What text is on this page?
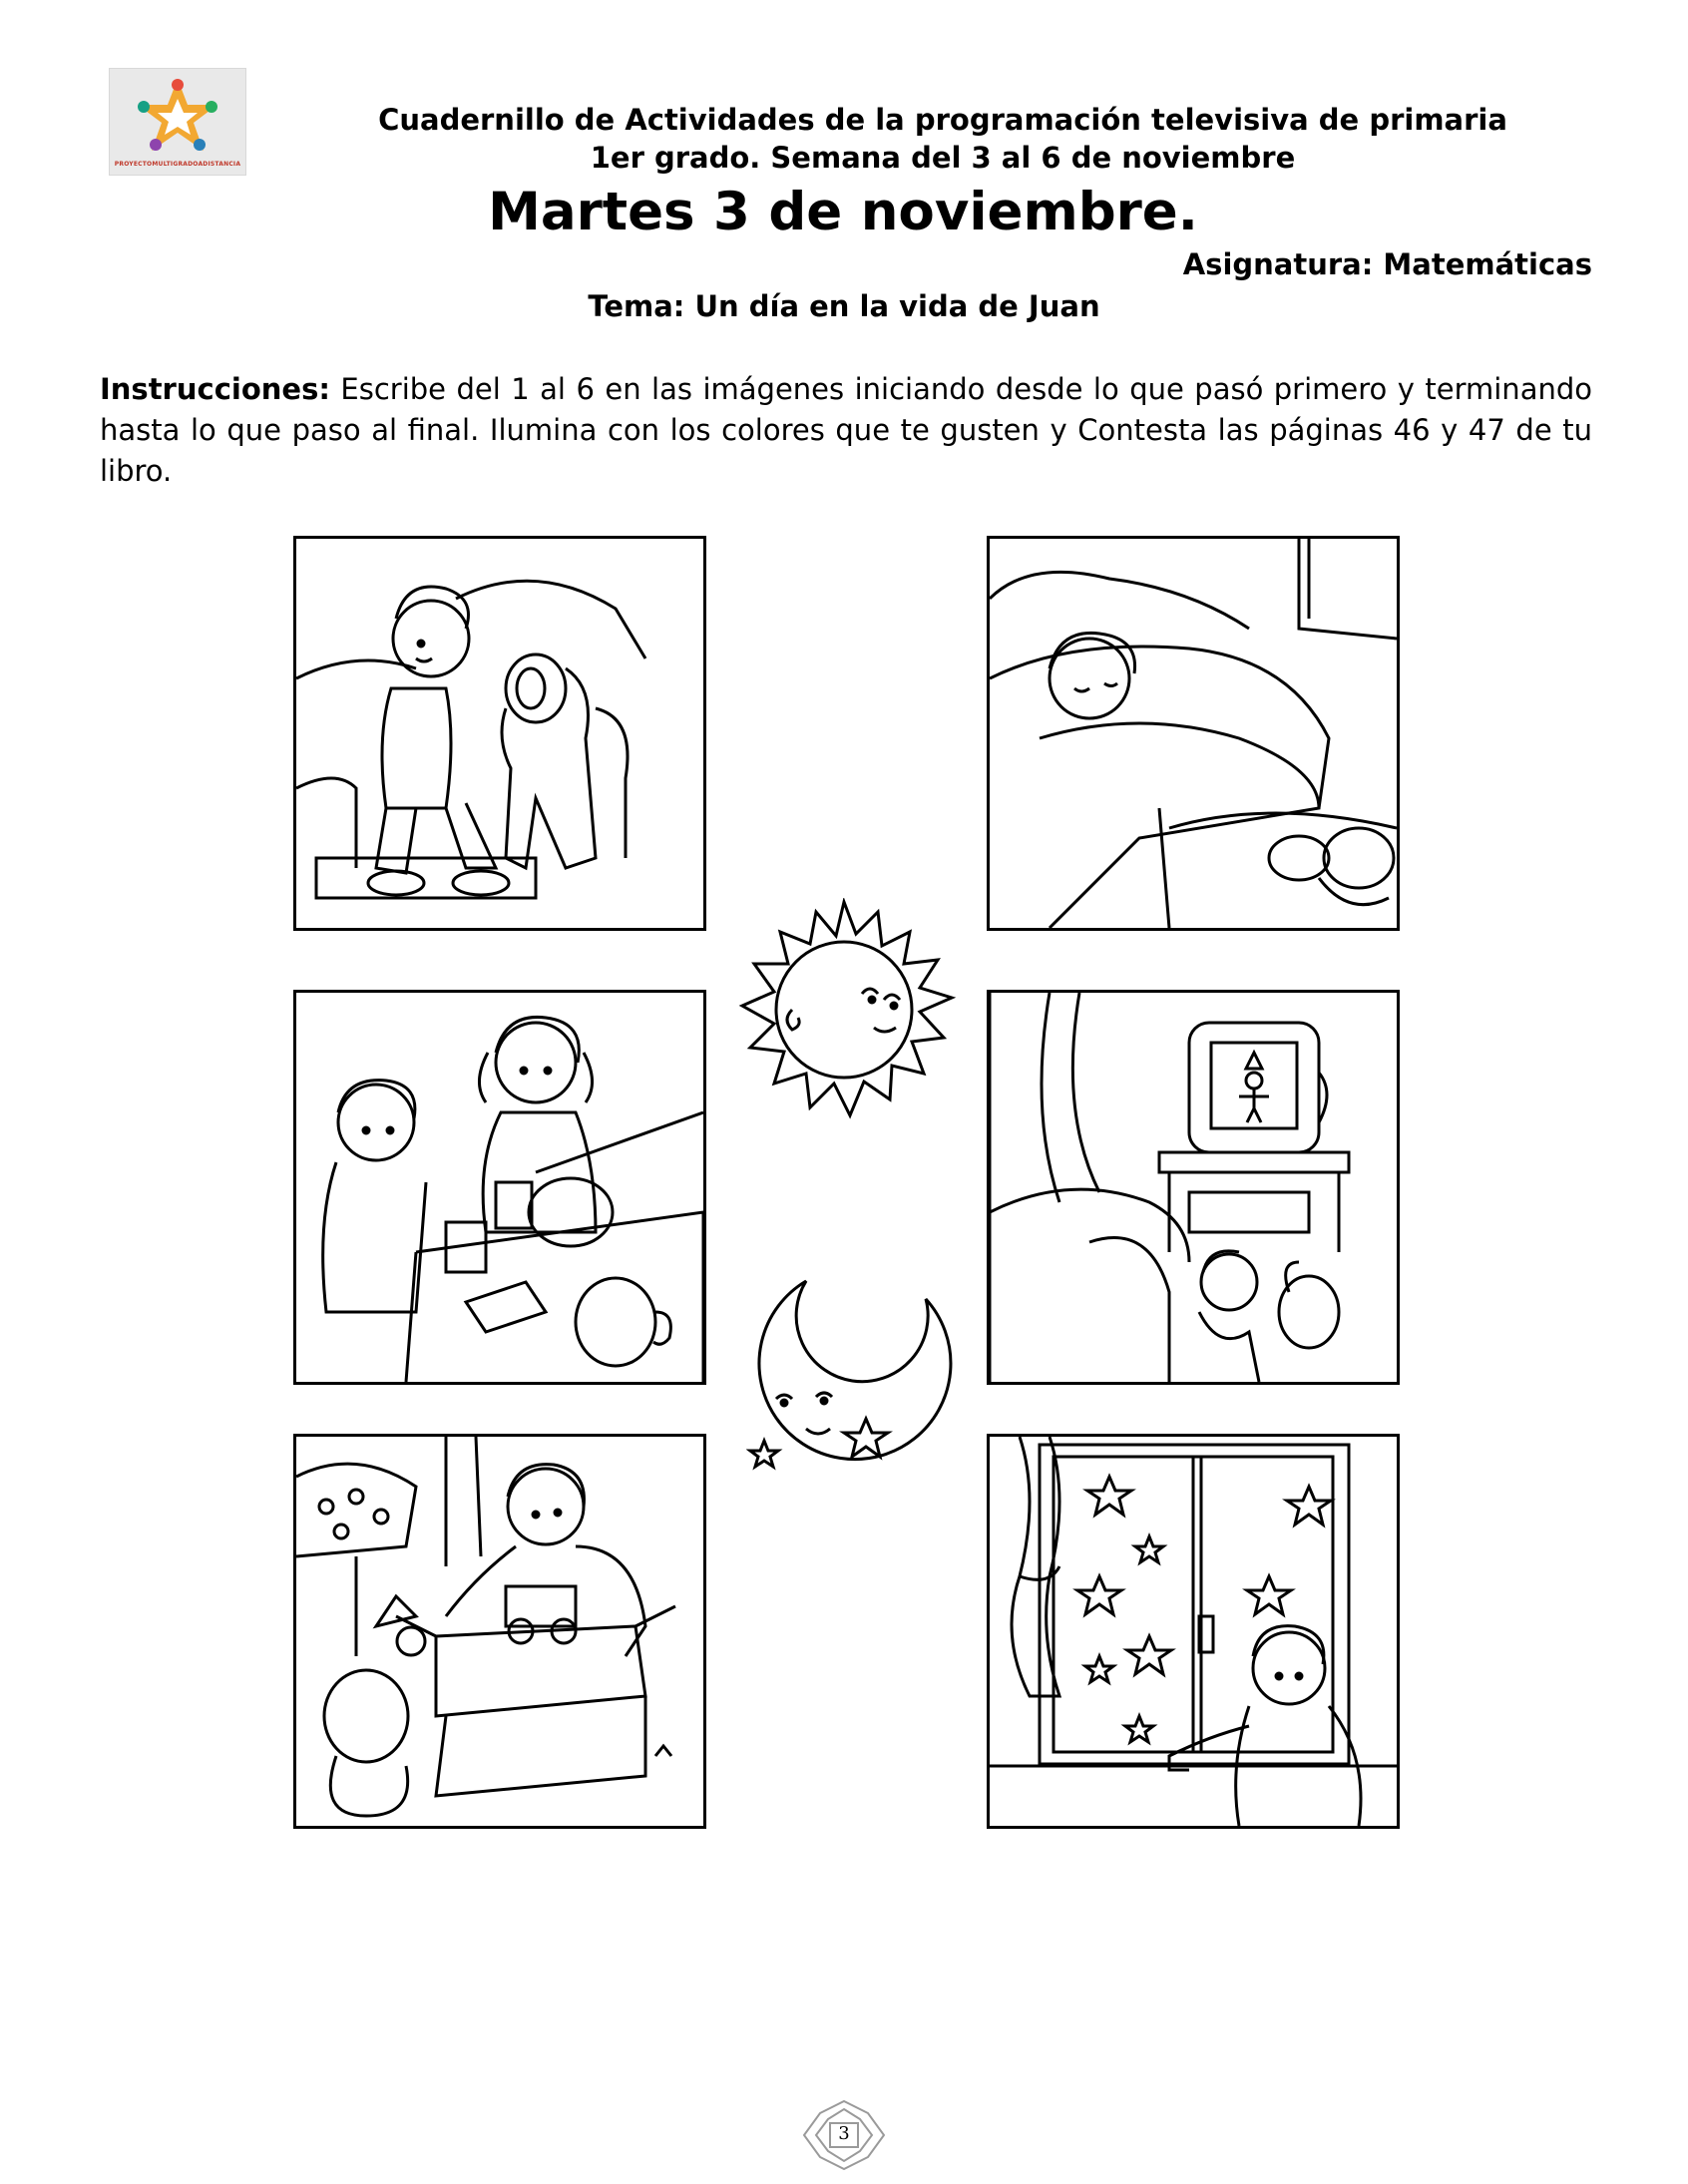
PROYECTOMULTIGRADOADISTANCIA
Cuadernillo de Actividades de la programación televisiva de primaria
1er grado. Semana del 3 al 6 de noviembre
Martes 3 de noviembre.
Asignatura: Matemáticas
Tema: Un día en la vida de Juan
Instrucciones: Escribe del 1 al 6 en las imágenes iniciando desde lo que pasó primero y terminando hasta lo que paso al final. Ilumina con los colores que te gusten y Contesta las páginas 46 y 47 de tu libro.
3
